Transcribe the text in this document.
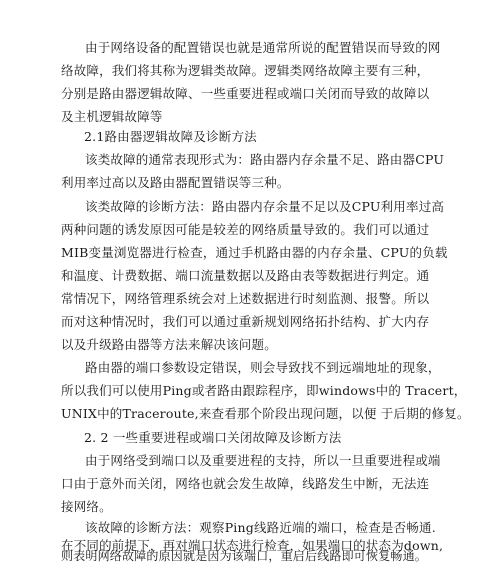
由于网络设备的配置错误也就是通常所说的配置错误而导致的网
络故障，我们将其称为逻辑类故障。逻辑类网络故障主要有三种，
分别是路由器逻辑故障、一些重要进程或端口关闭而导致的故障以
及主机逻辑故障等
2.1路由器逻辑故障及诊断方法
该类故障的通常表现形式为：路由器内存余量不足、路由器CPU
利用率过高以及路由器配置错误等三种。
该类故障的诊断方法：路由器内存余量不足以及CPU利用率过高
两种问题的诱发原因可能是较差的网络质量导致的。我们可以通过
MIB变量浏览器进行检查，通过手机路由器的内存余量、CPU的负载
和温度、计费数据、端口流量数据以及路由表等数据进行判定。通
常情况下，网络管理系统会对上述数据进行时刻监测、报警。所以
而对这种情况时，我们可以通过重新规划网络拓扑结构、扩大内存
以及升级路由器等方法来解决该问题。
路由器的端口参数设定错误，则会导致找不到远端地址的现象，
所以我们可以使用Ping或者路由跟踪程序，即windows中的 Tracert，
UNIX中的Traceroute,来查看那个阶段出现问题，以便 于后期的修复。
2. 2 一些重要进程或端口关闭故障及诊断方法
由于网络受到端口以及重要进程的支持，所以一旦重要进程或端
口由于意外而关闭，网络也就会发生故障，线路发生中断，无法连
接网络。
该故障的诊断方法：观察Ping线路近端的端口，检查是否畅通.
在不同的前提下，再对端口状态进行检查，如果端口的状态为down,
则表明网络故障的原因就是因为该端口，重启后线路即可恢复畅通。
